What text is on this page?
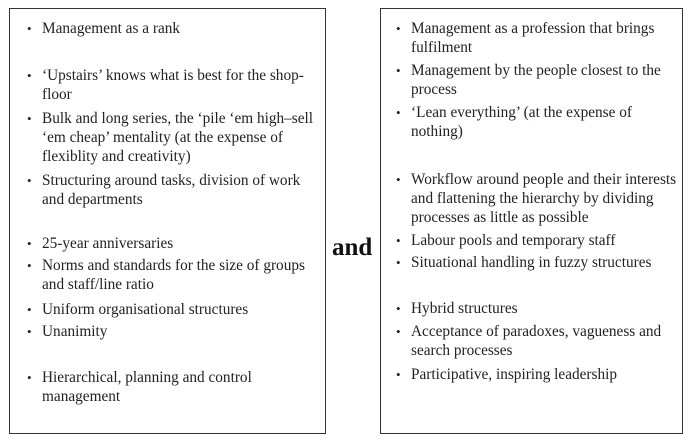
• Management as a rank
• ‘Upstairs’ knows what is best for the shop-floor
• Bulk and long series, the ‘pile ‘em high–sell ‘em cheap’ mentality (at the expense of flexiblity and creativity)
• Structuring around tasks, division of work and departments
• 25-year anniversaries
• Norms and standards for the size of groups and staff/line ratio
• Uniform organisational structures
• Unanimity
• Hierarchical, planning and control management
and
• Management as a profession that brings fulfilment
• Management by the people closest to the process
• ‘Lean everything’ (at the expense of nothing)
• Workflow around people and their interests and flattening the hierarchy by dividing processes as little as possible
• Labour pools and temporary staff
• Situational handling in fuzzy structures
• Hybrid structures
• Acceptance of paradoxes, vagueness and search processes
• Participative, inspiring leadership
